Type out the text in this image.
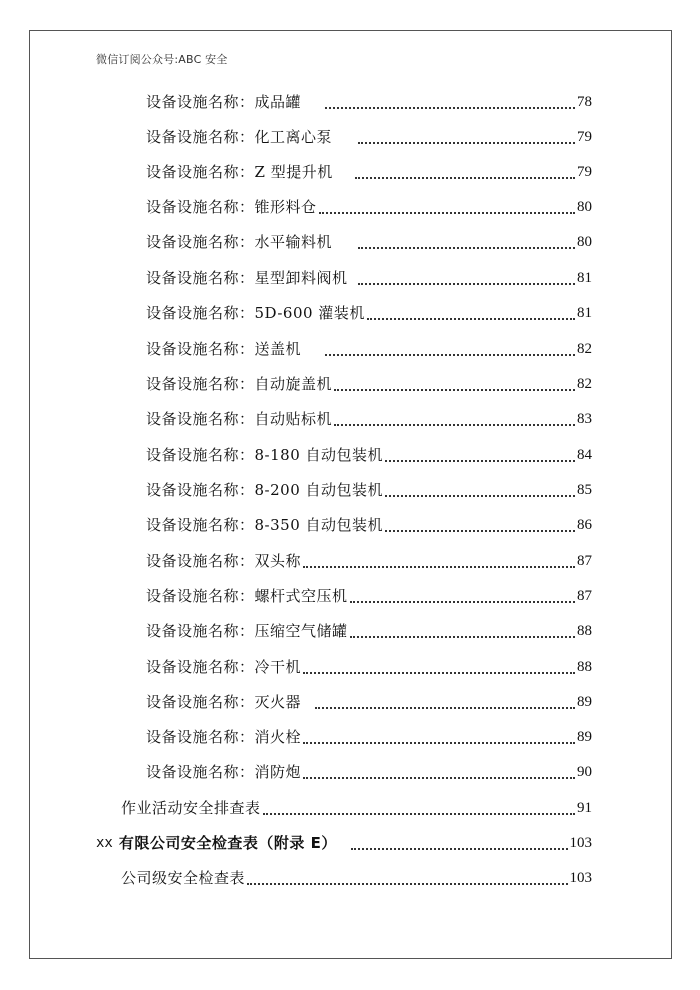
微信订阅公众号:ABC 安全
设备设施名称： 成品罐	78
设备设施名称： 化工离心泵	79
设备设施名称： Z 型提升机	79
设备设施名称： 锥形料仓	80
设备设施名称： 水平输料机	80
设备设施名称： 星型卸料阀机	81
设备设施名称： 5D-600 灌装机	81
设备设施名称： 送盖机	82
设备设施名称： 自动旋盖机	82
设备设施名称： 自动贴标机	83
设备设施名称： 8-180 自动包装机	84
设备设施名称： 8-200 自动包装机	85
设备设施名称： 8-350 自动包装机	86
设备设施名称： 双头称	87
设备设施名称： 螺杆式空压机	87
设备设施名称： 压缩空气储罐	88
设备设施名称： 冷干机	88
设备设施名称： 灭火器	89
设备设施名称： 消火栓	89
设备设施名称： 消防炮	90
作业活动安全排查表	91
xx 有限公司安全检查表（附录 E）	103
公司级安全检查表	103
